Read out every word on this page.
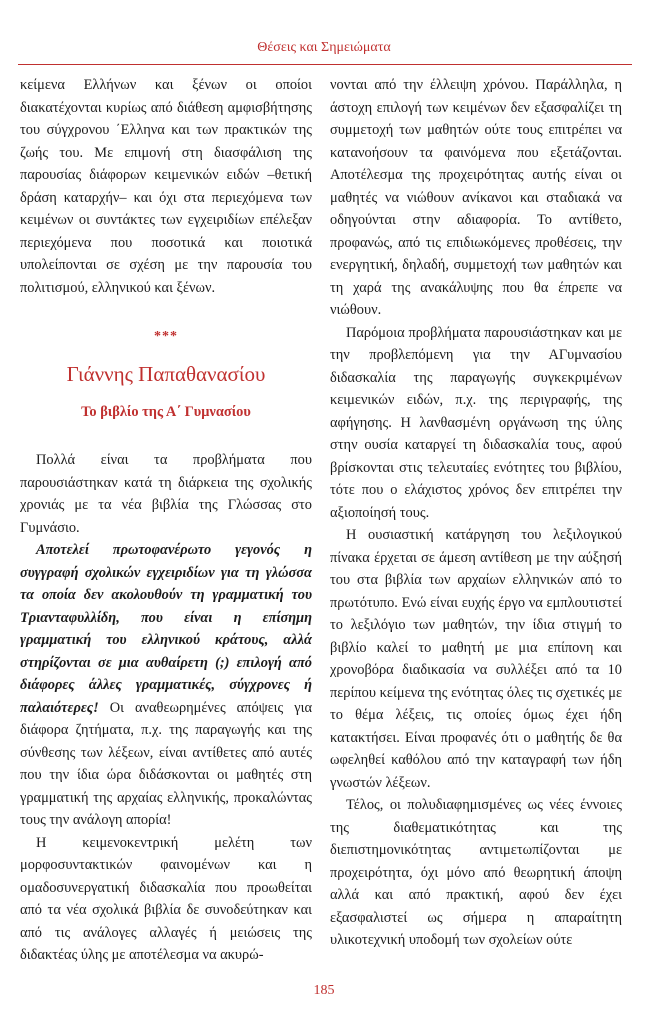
Θέσεις και Σημειώματα

κείμενα Ελλήνων και ξένων οι οποίοι διακατέχονται κυρίως από διάθεση αμφισβήτησης του σύγχρονου ΄Ελληνα και των πρακτικών της ζωής του. Με επιμονή στη διασφάλιση της παρουσίας διάφορων κειμενικών ειδών –θετική δράση καταρχήν– και όχι στα περιεχόμενα των κειμένων οι συντάκτες των εγχειριδίων επέλεξαν περιεχόμενα που ποσοτικά και ποιοτικά υπολείπονται σε σχέση με την παρουσία του πολιτισμού, ελληνικού και ξένων.

***
Γιάννης Παπαθανασίου
Το βιβλίο της Α΄ Γυμνασίου

Πολλά είναι τα προβλήματα που παρουσιάστηκαν κατά τη διάρκεια της σχολικής χρονιάς με τα νέα βιβλία της Γλώσσας στο Γυμνάσιο.

Αποτελεί πρωτοφανέρωτο γεγονός η συγγραφή σχολικών εγχειριδίων για τη γλώσσα τα οποία δεν ακολουθούν τη γραμματική του Τριανταφυλλίδη, που είναι η επίσημη γραμματική του ελληνικού κράτους, αλλά στηρίζονται σε μια αυθαίρετη (;) επιλογή από διάφορες άλλες γραμματικές, σύγχρονες ή παλαιότερες! Οι αναθεωρημένες απόψεις για διάφορα ζητήματα, π.χ. της παραγωγής και της σύνθεσης των λέξεων, είναι αντίθετες από αυτές που την ίδια ώρα διδάσκονται οι μαθητές στη γραμματική της αρχαίας ελληνικής, προκαλώντας τους την ανάλογη απορία!

Η κειμενοκεντρική μελέτη των μορφοσυντακτικών φαινομένων και η ομαδοσυνεργατική διδασκαλία που προωθείται από τα νέα σχολικά βιβλία δε συνοδεύτηκαν και από τις ανάλογες αλλαγές ή μειώσεις της διδακτέας ύλης με αποτέλεσμα να ακυρώ-

νονται από την έλλειψη χρόνου. Παράλληλα, η άστοχη επιλογή των κειμένων δεν εξασφαλίζει τη συμμετοχή των μαθητών ούτε τους επιτρέπει να κατανοήσουν τα φαινόμενα που εξετάζονται. Αποτέλεσμα της προχειρότητας αυτής είναι οι μαθητές να νιώθουν ανίκανοι και σταδιακά να οδηγούνται στην αδιαφορία. Το αντίθετο, προφανώς, από τις επιδιωκόμενες προθέσεις, την ενεργητική, δηλαδή, συμμετοχή των μαθητών και τη χαρά της ανακάλυψης που θα έπρεπε να νιώθουν.

Παρόμοια προβλήματα παρουσιάστηκαν και με την προβλεπόμενη για την ΑΓυμνασίου διδασκαλία της παραγωγής συγκεκριμένων κειμενικών ειδών, π.χ. της περιγραφής, της αφήγησης. Η λανθασμένη οργάνωση της ύλης στην ουσία καταργεί τη διδασκαλία τους, αφού βρίσκονται στις τελευταίες ενότητες του βιβλίου, τότε που ο ελάχιστος χρόνος δεν επιτρέπει την αξιοποίησή τους.

Η ουσιαστική κατάργηση του λεξιλογικού πίνακα έρχεται σε άμεση αντίθεση με την αύξησή του στα βιβλία των αρχαίων ελληνικών από το πρωτότυπο. Ενώ είναι ευχής έργο να εμπλουτιστεί το λεξιλόγιο των μαθητών, την ίδια στιγμή το βιβλίο καλεί το μαθητή με μια επίπονη και χρονοβόρα διαδικασία να συλλέξει από τα 10 περίπου κείμενα της ενότητας όλες τις σχετικές με το θέμα λέξεις, τις οποίες όμως έχει ήδη κατακτήσει. Είναι προφανές ότι ο μαθητής δε θα ωφεληθεί καθόλου από την καταγραφή των ήδη γνωστών λέξεων.

Τέλος, οι πολυδιαφημισμένες ως νέες έννοιες της διαθεματικότητας και της διεπιστημονικότητας αντιμετωπίζονται με προχειρότητα, όχι μόνο από θεωρητική άποψη αλλά και από πρακτική, αφού δεν έχει εξασφαλιστεί ως σήμερα η απαραίτητη υλικοτεχνική υποδομή των σχολείων ούτε

185
